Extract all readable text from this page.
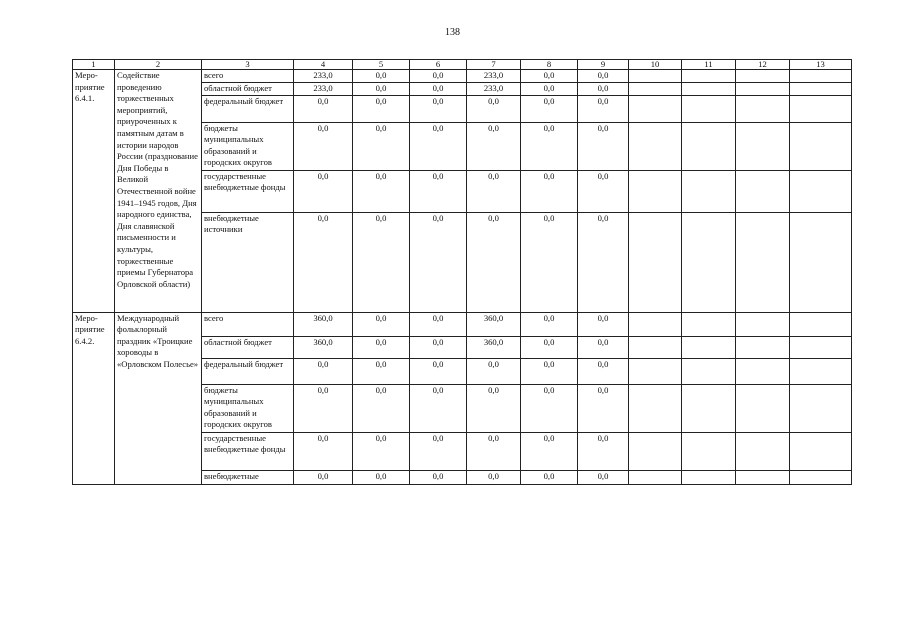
138
1	2	3	4	5	6	7	8	9	10	11	12	13
Меро-приятие 6.4.1.	Содействие проведению торжественных мероприятий, приуроченных к памятным датам в истории народов России (празднование Дня Победы в Великой Отечественной войне 1941–1945 годов, Дня народного единства, Дня славянской письменности и культуры, торжественные приемы Губернатора Орловской области)	всего	233,0	0,0	0,0	233,0	0,0	0,0				
		областной бюджет	233,0	0,0	0,0	233,0	0,0	0,0				
		федеральный бюджет	0,0	0,0	0,0	0,0	0,0	0,0				
		бюджеты муниципальных образований и городских округов	0,0	0,0	0,0	0,0	0,0	0,0				
		государственные внебюджетные фонды	0,0	0,0	0,0	0,0	0,0	0,0				
		внебюджетные источники	0,0	0,0	0,0	0,0	0,0	0,0				
Меро-приятие 6.4.2.	Международный фольклорный праздник «Троицкие хороводы в «Орловском Полесье»	всего	360,0	0,0	0,0	360,0	0,0	0,0				
		областной бюджет	360,0	0,0	0,0	360,0	0,0	0,0				
		федеральный бюджет	0,0	0,0	0,0	0,0	0,0	0,0				
		бюджеты муниципальных образований и городских округов	0,0	0,0	0,0	0,0	0,0	0,0				
		государственные внебюджетные фонды	0,0	0,0	0,0	0,0	0,0	0,0				
		внебюджетные	0,0	0,0	0,0	0,0	0,0	0,0				
